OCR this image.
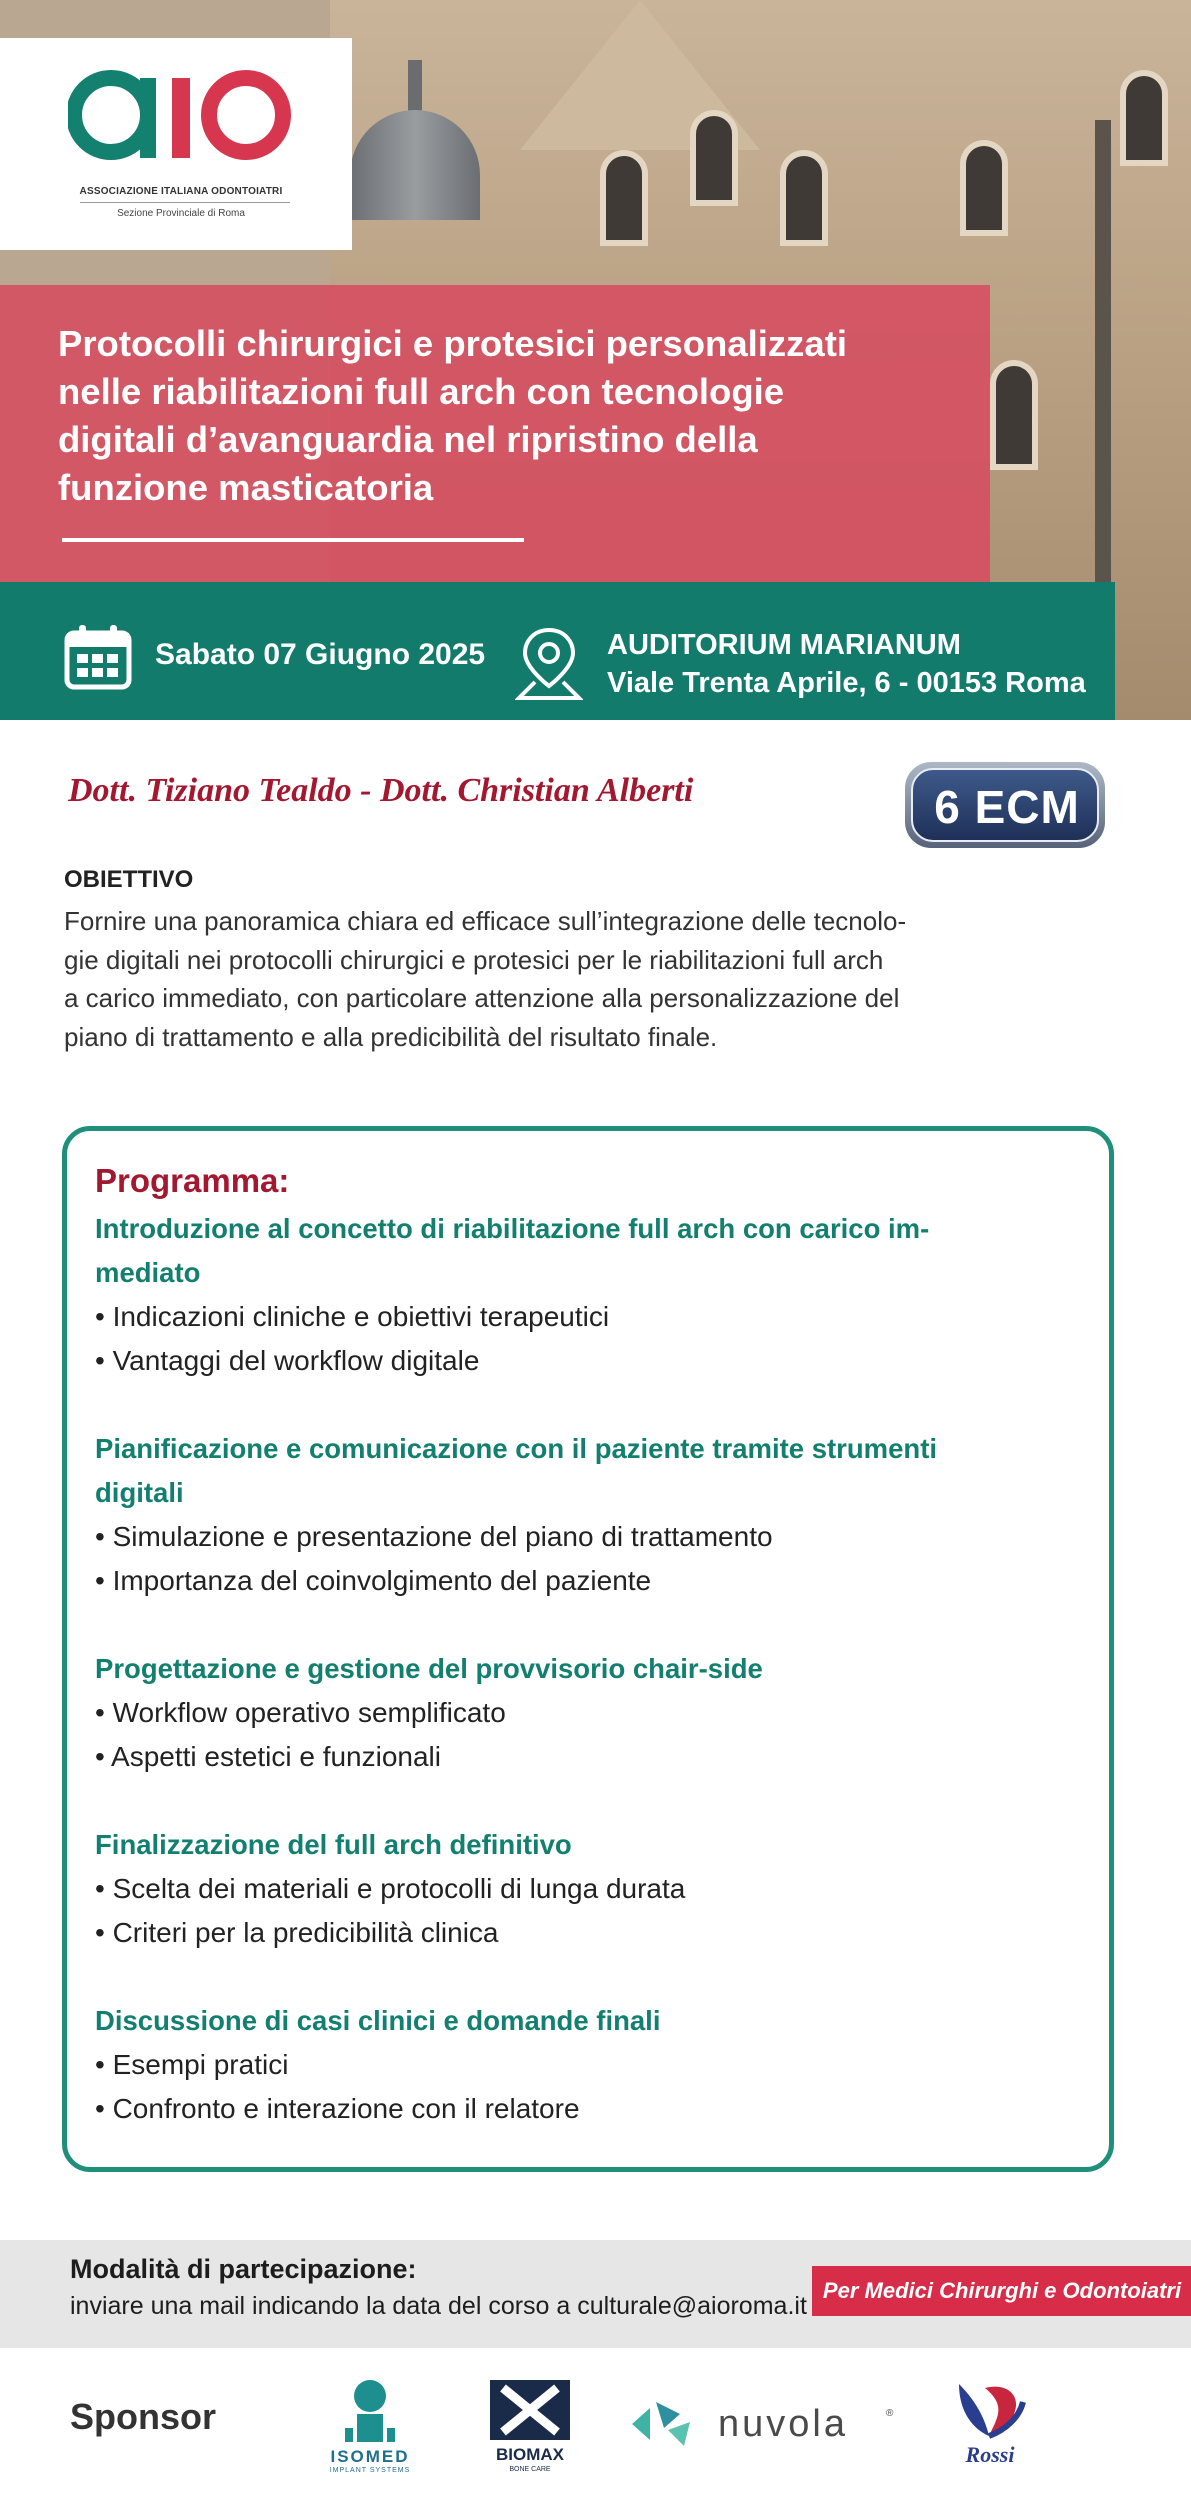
ASSOCIAZIONE ITALIANA ODONTOIATRI
Sezione Provinciale di Roma
Protocolli chirurgici e protesici personalizzati
nelle riabilitazioni full arch con tecnologie
digitali d’avanguardia nel ripristino della
funzione masticatoria
Sabato 07 Giugno 2025	AUDITORIUM MARIANUM
Viale Trenta Aprile, 6 - 00153 Roma
Dott. Tiziano Tealdo - Dott. Christian Alberti	6 ECM
OBIETTIVO
Fornire una panoramica chiara ed efficace sull’integrazione delle tecnolo-
gie digitali nei protocolli chirurgici e protesici per le riabilitazioni full arch
a carico immediato, con particolare attenzione alla personalizzazione del
piano di trattamento e alla predicibilità del risultato finale.
Programma:
Introduzione al concetto di riabilitazione full arch con carico im-
mediato
• Indicazioni cliniche e obiettivi terapeutici
• Vantaggi del workflow digitale
Pianificazione e comunicazione con il paziente tramite strumenti
digitali
• Simulazione e presentazione del piano di trattamento
• Importanza del coinvolgimento del paziente
Progettazione e gestione del provvisorio chair-side
• Workflow operativo semplificato
• Aspetti estetici e funzionali
Finalizzazione del full arch definitivo
• Scelta dei materiali e protocolli di lunga durata
• Criteri per la predicibilità clinica
Discussione di casi clinici e domande finali
• Esempi pratici
• Confronto e interazione con il relatore
Modalità di partecipazione:
inviare una mail indicando la data del corso a culturale@aioroma.it
Per Medici Chirurghi e Odontoiatri
Sponsor
ISOMED
IMPLANT SYSTEMS
BIOMAX
BONE CARE
nuvola	®
Rossi
